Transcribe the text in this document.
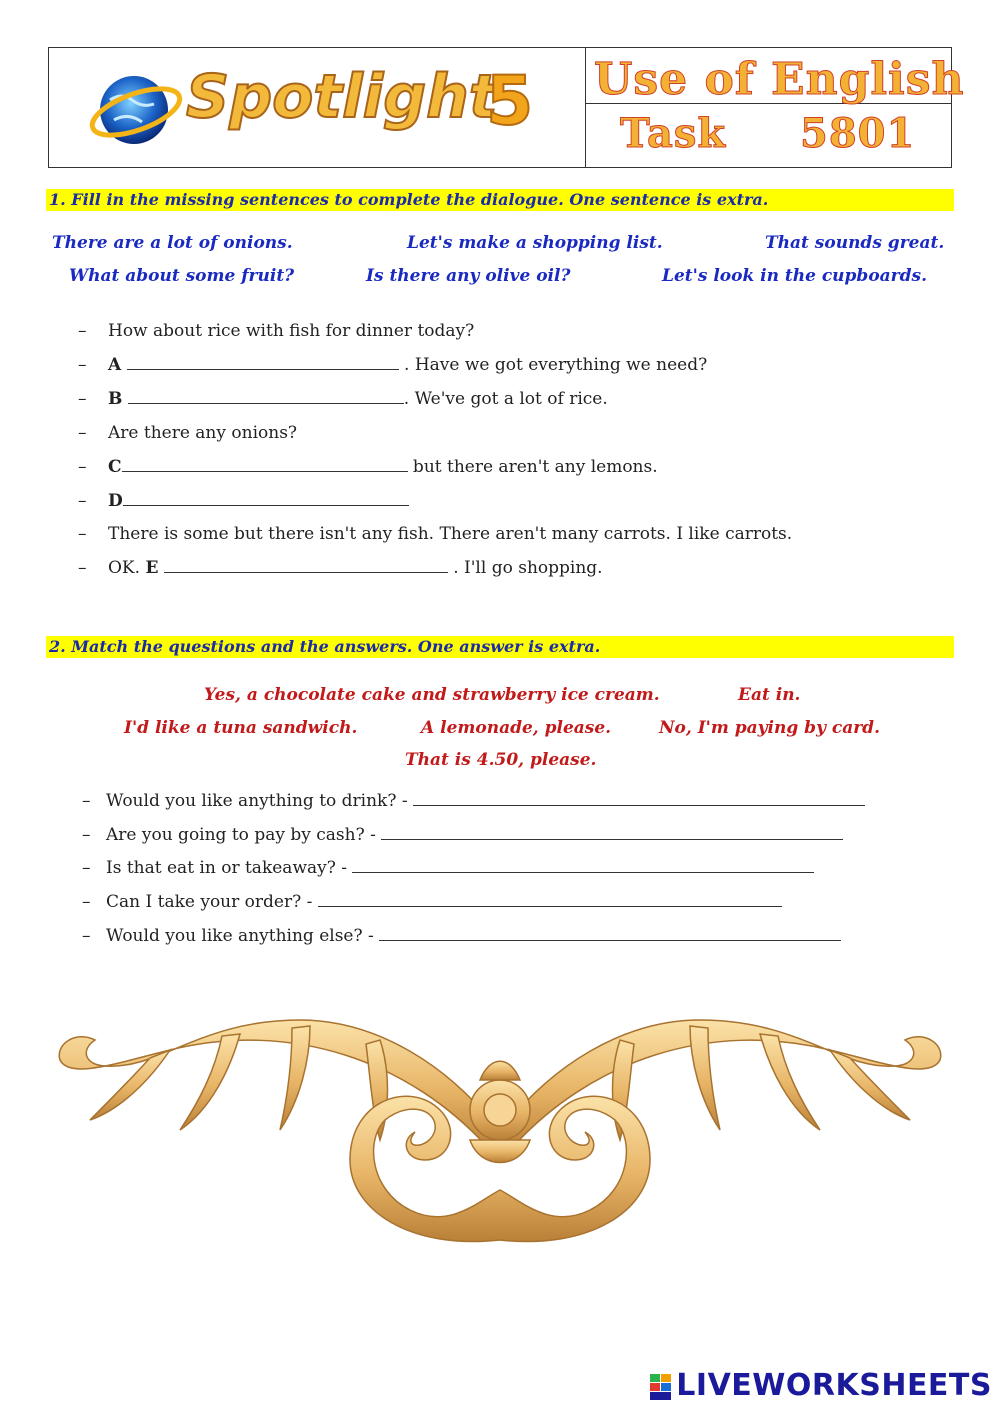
Spotlight
5 Use of English
Task 5801
1. Fill in the missing sentences to complete the dialogue. One sentence is extra.
There are a lot of onions.	Let's make a shopping list.	That sounds great.
What about some fruit?	Is there any olive oil?	Let's look in the cupboards.
– How about rice with fish for dinner today?
– A	. Have we got everything we need?
– B	. We've got a lot of rice.
– Are there any onions?
– C	but there aren't any lemons.
– D
– There is some but there isn't any fish. There aren't many carrots. I like carrots.
– OK. E	. I'll go shopping.
2. Match the questions and the answers. One answer is extra.
Yes, a chocolate cake and strawberry ice cream.	Eat in.
I'd like a tuna sandwich.	A lemonade, please.	No, I'm paying by card.
That is 4.50, please.
– Would you like anything to drink? -
– Are you going to pay by cash? -
– Is that eat in or takeaway? -
– Can I take your order? -
– Would you like anything else? -
LIVEWORKSHEETS
